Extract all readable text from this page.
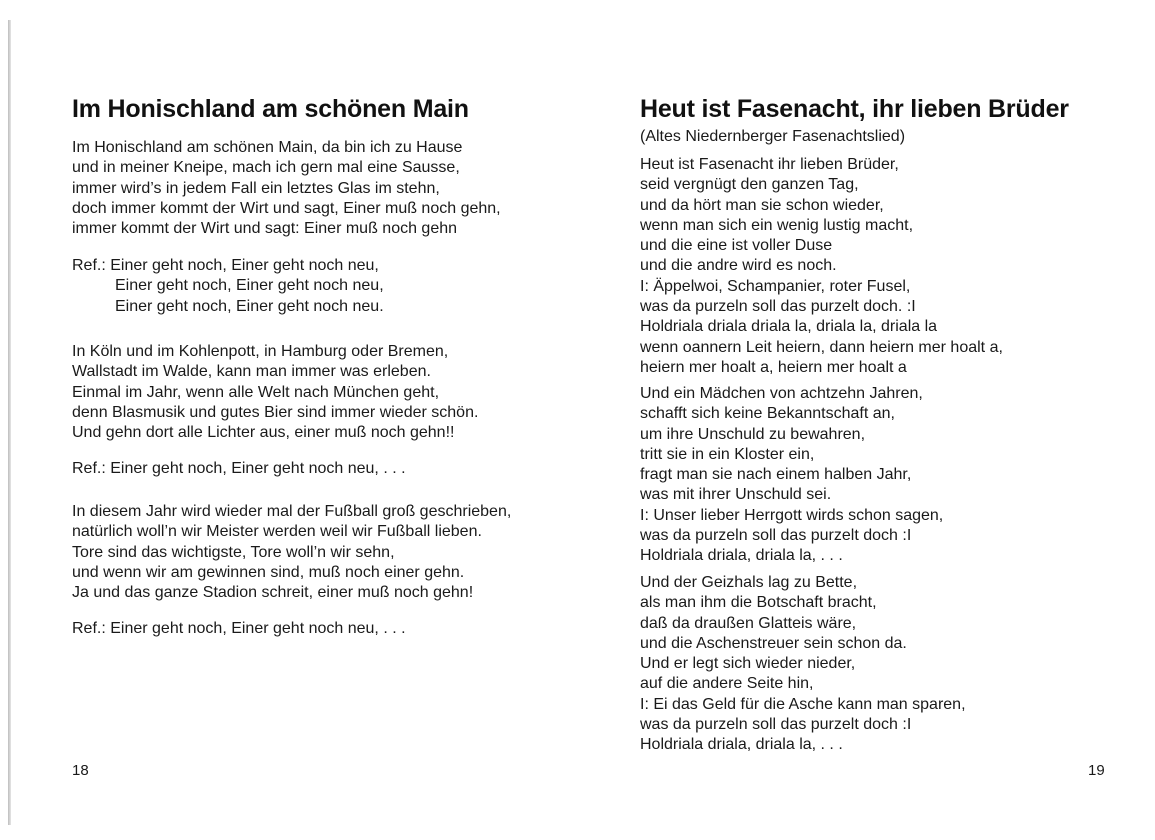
Im Honischland am schönen Main
Im Honischland am schönen Main, da bin ich zu Hause
und in meiner Kneipe, mach ich gern mal eine Sausse,
immer wird’s in jedem Fall ein letztes Glas im stehn,
doch immer kommt der Wirt und sagt, Einer muß noch gehn,
immer kommt der Wirt und sagt: Einer muß noch gehn
Ref.: Einer geht noch, Einer geht noch neu,
Einer geht noch, Einer geht noch neu,
Einer geht noch, Einer geht noch neu.
In Köln und im Kohlenpott, in Hamburg oder Bremen,
Wallstadt im Walde, kann man immer was erleben.
Einmal im Jahr, wenn alle Welt nach München geht,
denn Blasmusik und gutes Bier sind immer wieder schön.
Und gehn dort alle Lichter aus, einer muß noch gehn!!
Ref.: Einer geht noch, Einer geht noch neu, . . .
In diesem Jahr wird wieder mal der Fußball groß geschrieben,
natürlich woll’n wir Meister werden weil wir Fußball lieben.
Tore sind das wichtigste, Tore woll’n wir sehn,
und wenn wir am gewinnen sind, muß noch einer gehn.
Ja und das ganze Stadion schreit, einer muß noch gehn!
Ref.: Einer geht noch, Einer geht noch neu, . . .
18
Heut ist Fasenacht, ihr lieben Brüder
(Altes Niedernberger Fasenachtslied)
Heut ist Fasenacht ihr lieben Brüder,
seid vergnügt den ganzen Tag,
und da hört man sie schon wieder,
wenn man sich ein wenig lustig macht,
und die eine ist voller Duse
und die andre wird es noch.
I: Äppelwoi, Schampanier, roter Fusel,
was da purzeln soll das purzelt doch. :I
Holdriala driala driala la, driala la, driala la
wenn oannern Leit heiern, dann heiern mer hoalt a,
heiern mer hoalt a, heiern mer hoalt a
Und ein Mädchen von achtzehn Jahren,
schafft sich keine Bekanntschaft an,
um ihre Unschuld zu bewahren,
tritt sie in ein Kloster ein,
fragt man sie nach einem halben Jahr,
was mit ihrer Unschuld sei.
I: Unser lieber Herrgott wirds schon sagen,
was da purzeln soll das purzelt doch :I
Holdriala driala, driala la, . . .
Und der Geizhals lag zu Bette,
als man ihm die Botschaft bracht,
daß da draußen Glatteis wäre,
und die Aschenstreuer sein schon da.
Und er legt sich wieder nieder,
auf die andere Seite hin,
I: Ei das Geld für die Asche kann man sparen,
was da purzeln soll das purzelt doch :I
Holdriala driala, driala la, . . .
19
